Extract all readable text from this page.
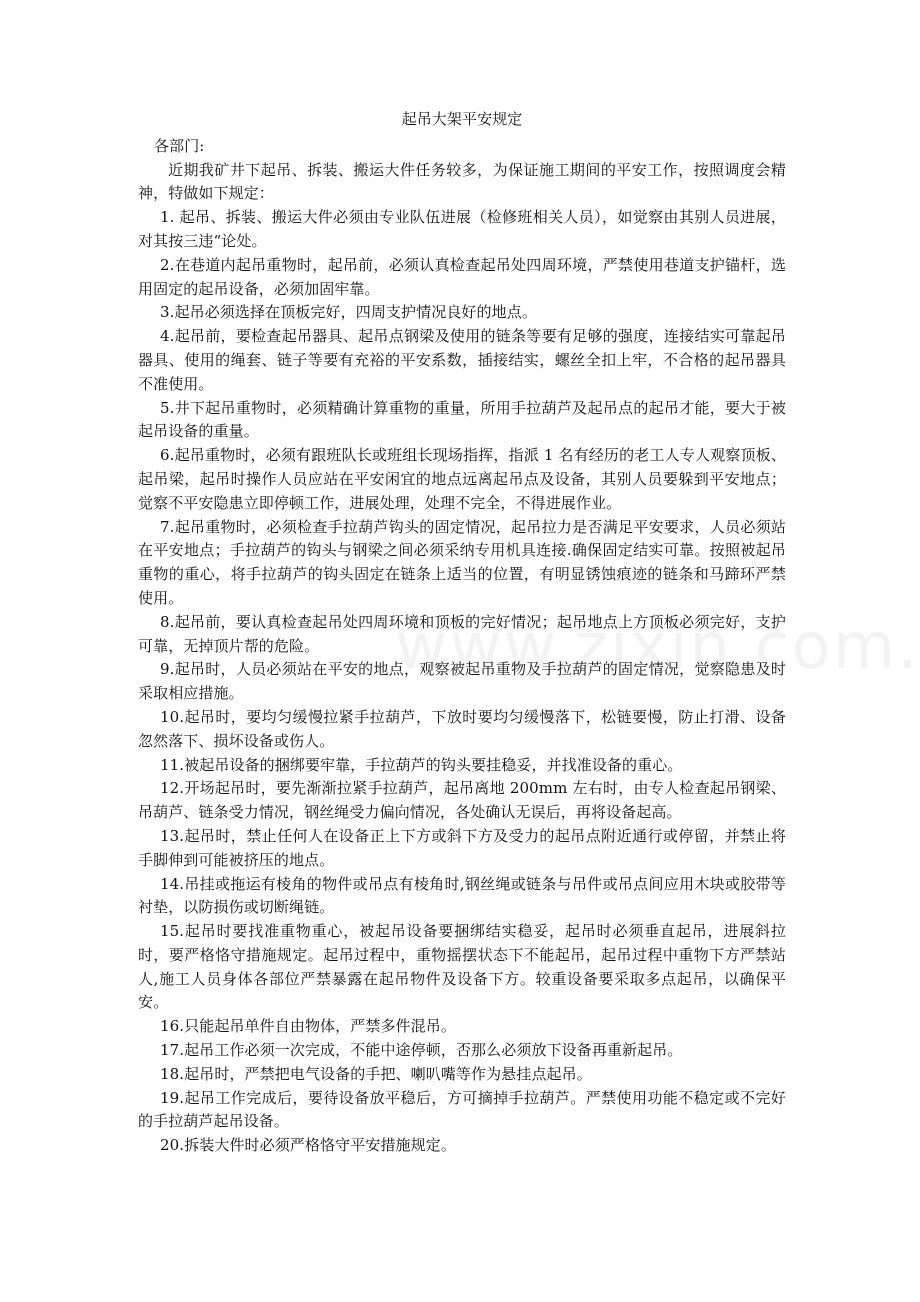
起吊大架平安规定

各部门:

近期我矿井下起吊、拆装、搬运大件任务较多，为保证施工期间的平安工作，按照调度会精神，特做如下规定：

1. 起吊、拆装、搬运大件必须由专业队伍进展（检修班相关人员），如觉察由其别人员进展，对其按三违“论处。

2.在巷道内起吊重物时，起吊前，必须认真检查起吊处四周环境，严禁使用巷道支护锚杆，选用固定的起吊设备，必须加固牢靠。

3.起吊必须选择在顶板完好，四周支护情况良好的地点。

4.起吊前，要检查起吊器具、起吊点钢梁及使用的链条等要有足够的强度，连接结实可靠起吊器具、使用的绳套、链子等要有充裕的平安系数，插接结实，螺丝全扣上牢，不合格的起吊器具不准使用。

5.井下起吊重物时，必须精确计算重物的重量，所用手拉葫芦及起吊点的起吊才能，要大于被起吊设备的重量。

6.起吊重物时，必须有跟班队长或班组长现场指挥，指派 1 名有经历的老工人专人观察顶板、起吊梁，起吊时操作人员应站在平安闲宜的地点远离起吊点及设备，其别人员要躲到平安地点；觉察不平安隐患立即停顿工作，进展处理，处理不完全，不得进展作业。

7.起吊重物时，必须检查手拉葫芦钩头的固定情况，起吊拉力是否满足平安要求，人员必须站在平安地点；手拉葫芦的钩头与钢梁之间必须采纳专用机具连接.确保固定结实可靠。按照被起吊重物的重心，将手拉葫芦的钩头固定在链条上适当的位置，有明显锈蚀痕迹的链条和马蹄环严禁使用。

8.起吊前，要认真检查起吊处四周环境和顶板的完好情况；起吊地点上方顶板必须完好，支护可靠，无掉顶片帮的危险。

9.起吊时，人员必须站在平安的地点，观察被起吊重物及手拉葫芦的固定情况，觉察隐患及时采取相应措施。

10.起吊时，要均匀缓慢拉紧手拉葫芦，下放时要均匀缓慢落下，松链要慢，防止打滑、设备忽然落下、损坏设备或伤人。

11.被起吊设备的捆绑要牢靠，手拉葫芦的钩头要挂稳妥，并找准设备的重心。

12.开场起吊时，要先渐渐拉紧手拉葫芦，起吊离地 200mm 左右时，由专人检查起吊钢梁、吊葫芦、链条受力情况，钢丝绳受力偏向情况，各处确认无误后，再将设备起高。

13.起吊时，禁止任何人在设备正上下方或斜下方及受力的起吊点附近通行或停留，并禁止将手脚伸到可能被挤压的地点。

14.吊挂或拖运有棱角的物件或吊点有棱角时,钢丝绳或链条与吊件或吊点间应用木块或胶带等衬垫，以防损伤或切断绳链。

15.起吊时要找准重物重心，被起吊设备要捆绑结实稳妥，起吊时必须垂直起吊，进展斜拉时，要严格恪守措施规定。起吊过程中，重物摇摆状态下不能起吊，起吊过程中重物下方严禁站人,施工人员身体各部位严禁暴露在起吊物件及设备下方。较重设备要采取多点起吊，以确保平安。

16.只能起吊单件自由物体，严禁多件混吊。

17.起吊工作必须一次完成，不能中途停顿，否那么必须放下设备再重新起吊。

18.起吊时，严禁把电气设备的手把、喇叭嘴等作为悬挂点起吊。

19.起吊工作完成后，要待设备放平稳后，方可摘掉手拉葫芦。严禁使用功能不稳定或不完好的手拉葫芦起吊设备。

20.拆装大件时必须严格恪守平安措施规定。
